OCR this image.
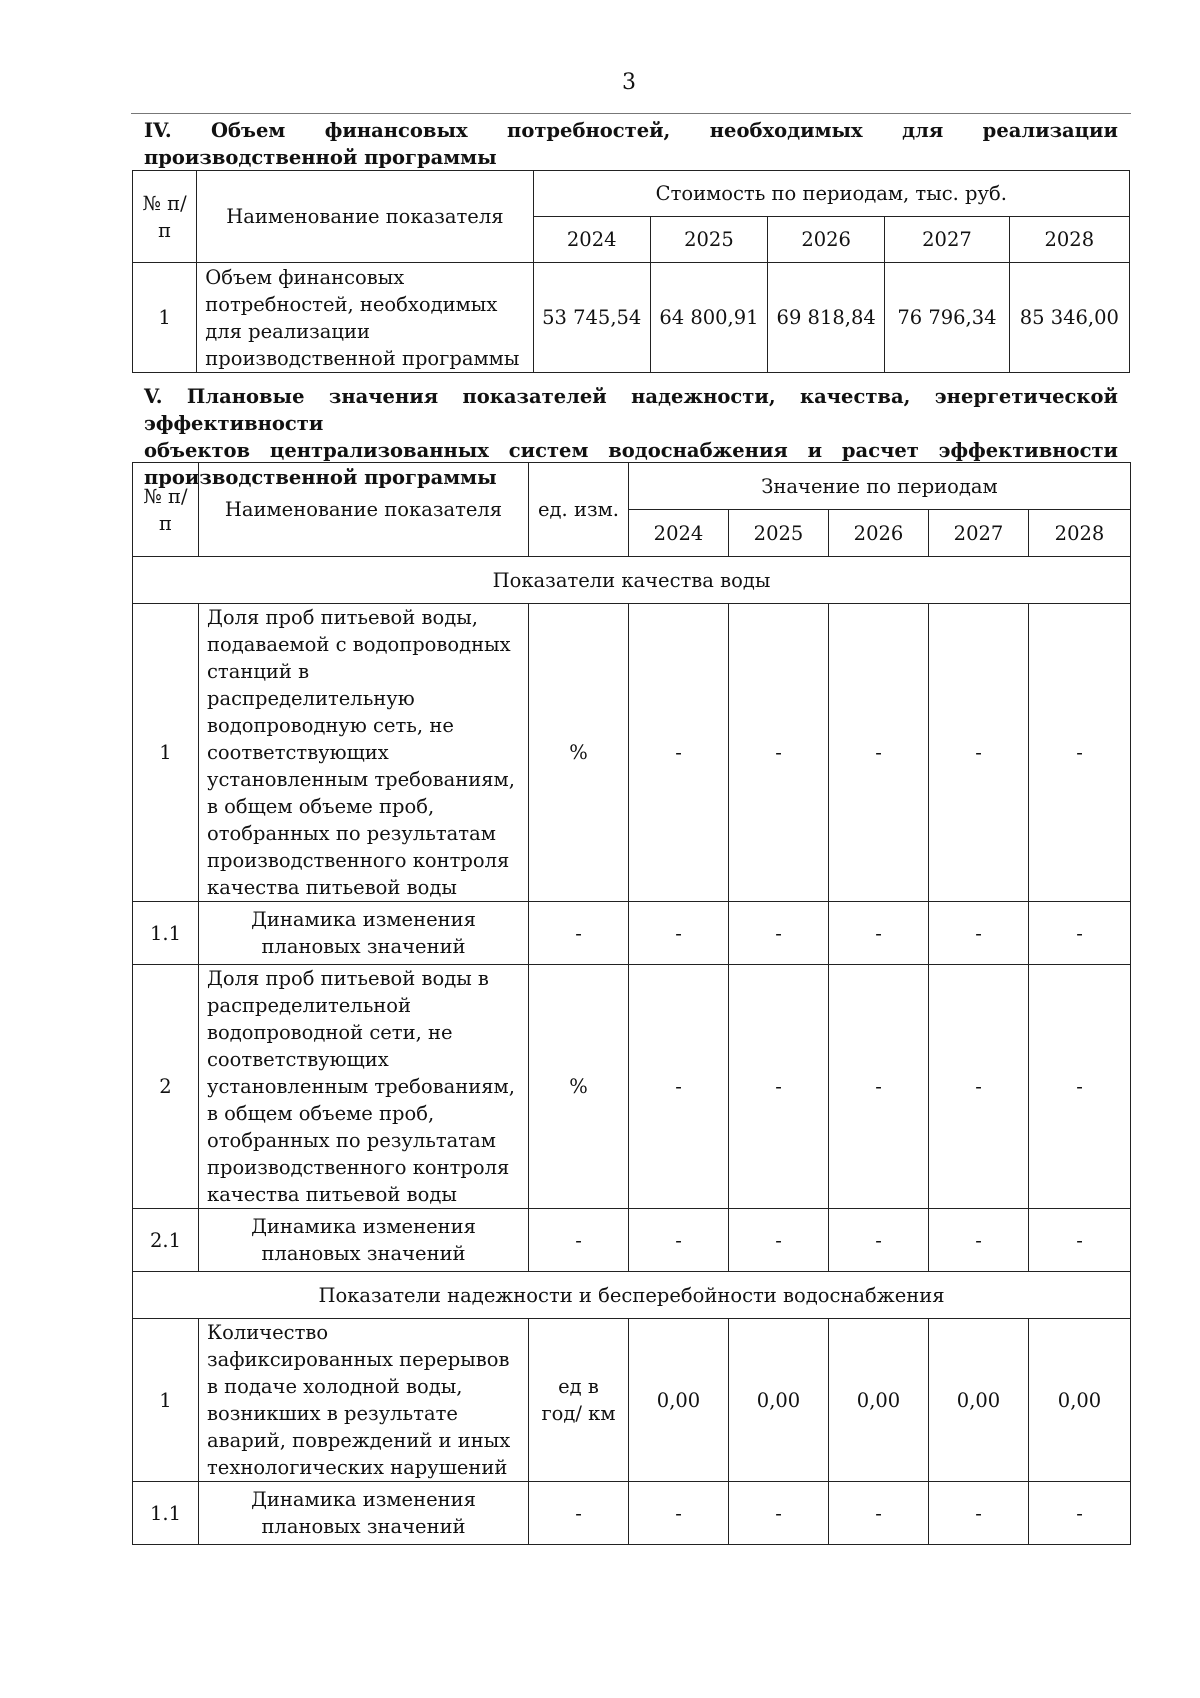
3
IV. Объем финансовых потребностей, необходимых для реализации производственной программы
№ п/п	Наименование показателя	Стоимость по периодам, тыс. руб.				
		2024	2025	2026	2027	2028
1	Объем финансовых потребностей, необходимых для реализации производственной программы	53 745,54	64 800,91	69 818,84	76 796,34	85 346,00
V. Плановые значения показателей надежности, качества, энергетической эффективности
объектов централизованных систем водоснабжения и расчет эффективности
производственной программы
№ п/п	Наименование показателя	ед. изм.	Значение по периодам				
			2024	2025	2026	2027	2028
Показатели качества воды							
1	Доля проб питьевой воды, подаваемой с водопроводных станций в распределительную водопроводную сеть, не соответствующих установленным требованиям, в общем объеме проб, отобранных по результатам производственного контроля качества питьевой воды	%	-	-	-	-	-
1.1	Динамика изменения плановых значений	-	-	-	-	-	-
2	Доля проб питьевой воды в распределительной водопроводной сети, не соответствующих установленным требованиям, в общем объеме проб, отобранных по результатам производственного контроля качества питьевой воды	%	-	-	-	-	-
2.1	Динамика изменения плановых значений	-	-	-	-	-	-
Показатели надежности и бесперебойности водоснабжения							
1	Количество зафиксированных перерывов в подаче холодной воды, возникших в результате аварий, повреждений и иных технологических нарушений	ед в год/ км	0,00	0,00	0,00	0,00	0,00
1.1	Динамика изменения плановых значений	-	-	-	-	-	-
